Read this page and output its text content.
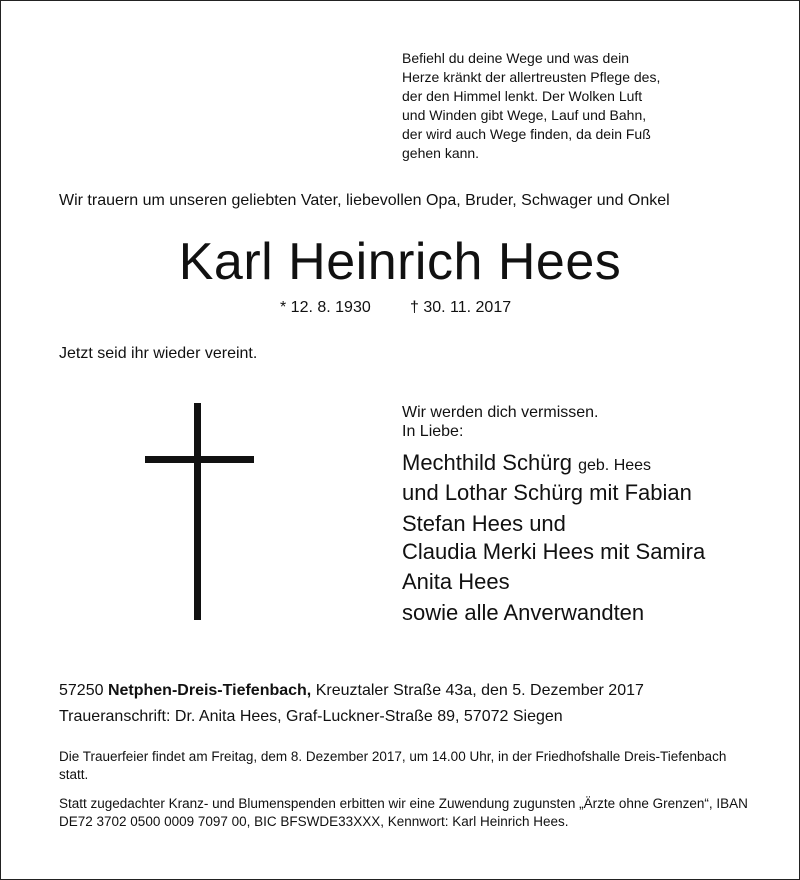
Befiehl du deine Wege und was dein
Herze kränkt der allertreusten Pflege des,
der den Himmel lenkt. Der Wolken Luft
und Winden gibt Wege, Lauf und Bahn,
der wird auch Wege finden, da dein Fuß
gehen kann.
Wir trauern um unseren geliebten Vater, liebevollen Opa, Bruder, Schwager und Onkel
Karl Heinrich Hees
* 12. 8. 1930 † 30. 11. 2017
Jetzt seid ihr wieder vereint.
Wir werden dich vermissen.
In Liebe:
Mechthild Schürg geb. Hees
und Lothar Schürg mit Fabian
Stefan Hees und
Claudia Merki Hees mit Samira
Anita Hees
sowie alle Anverwandten
57250 Netphen-Dreis-Tiefenbach, Kreuztaler Straße 43a, den 5. Dezember 2017
Traueranschrift: Dr. Anita Hees, Graf-Luckner-Straße 89, 57072 Siegen
Die Trauerfeier findet am Freitag, dem 8. Dezember 2017, um 14.00 Uhr, in der Friedhofshalle Dreis-Tiefenbach statt.
Statt zugedachter Kranz- und Blumenspenden erbitten wir eine Zuwendung zugunsten „Ärzte ohne Grenzen“, IBAN DE72 3702 0500 0009 7097 00, BIC BFSWDE33XXX, Kennwort: Karl Heinrich Hees.
